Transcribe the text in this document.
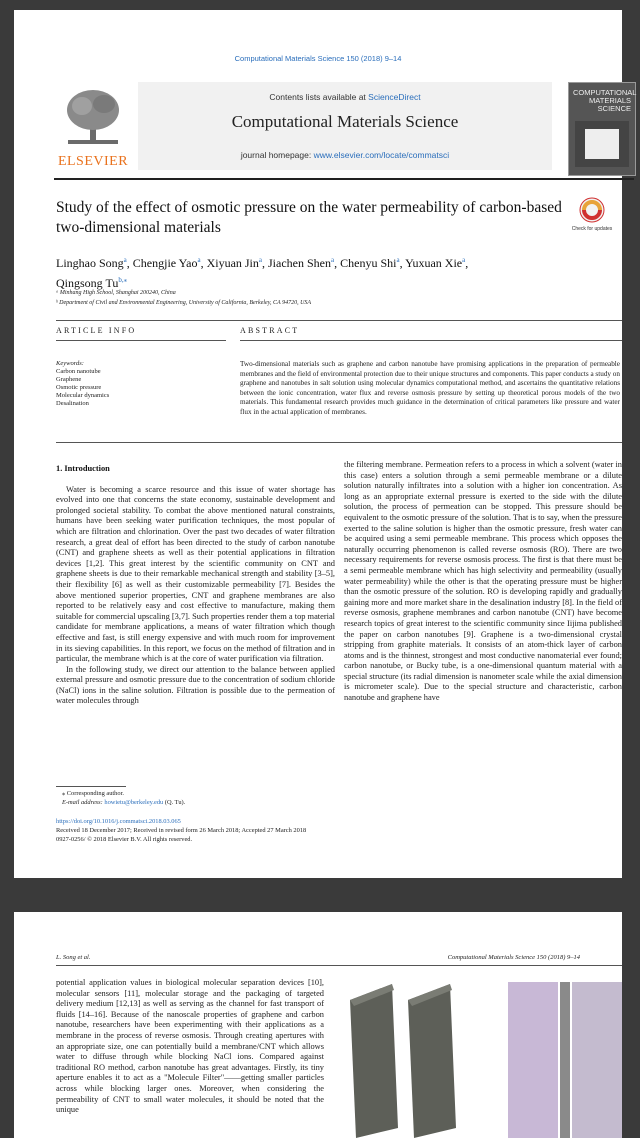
Computational Materials Science 150 (2018) 9–14
ELSEVIER
Contents lists available at ScienceDirect
Computational Materials Science
journal homepage: www.elsevier.com/locate/commatsci
COMPUTATIONAL MATERIALS SCIENCE
Study of the effect of osmotic pressure on the water permeability of carbon-based two-dimensional materials	Check for updates
Linghao Song$^a$, Chengjie Yao$^a$, Xiyuan Jin$^a$, Jiachen Shen$^a$, Chenyu Shi$^a$, Yuxuan Xie$^a$,
Qingsong $Tu^{b,⁎}$
ᵃ Minhang High School, Shanghai 200240, China
ᵇ Department of Civil and Environmental Engineering, University of California, Berkeley, CA 94720, USA
ARTICLE INFO	ABSTRACT
Keywords:
Carbon nanotube
Graphene
Osmotic pressure
Molecular dynamics
Desalination
Two-dimensional materials such as graphene and carbon nanotube have promising applications in the preparation of permeable membranes and the field of environmental protection due to their unique structures and components. This paper conducts a study on graphene and nanotubes in salt solution using molecular dynamics computational method, and ascertains the quantitative relations between the ionic concentration, water flux and reverse osmosis pressure by setting up theoretical porous models of the two materials. This fundamental research provides much guidance in the determination of critical parameters like pressure and water flux in the actual application of membranes.
1. Introduction

Water is becoming a scarce resource and this issue of water shortage has evolved into one that concerns the state economy, sustainable development and prolonged societal stability. To combat the above mentioned natural constraints, humans have been seeking water purification techniques, the most popular of which are filtration and chlorination. Over the past two decades of water filtration research, a great deal of effort has been directed to the study of carbon nanotube (CNT) and graphene sheets as well as their potential applications in filtration devices [1,2]. This great interest by the scientific community on CNT and graphene sheets is due to their remarkable mechanical strength and stability [3–5], their flexibility [6] as well as their customizable permeability [7]. Besides the above mentioned superior properties, CNT and graphene membranes are also reported to be relatively easy and cost effective to manufacture, making them suitable for commercial upscaling [3,7]. Such properties render them a top material candidate for membrane applications, a means of water filtration which though effective and fast, is still energy expensive and with much room for improvement in its sieving capabilities. In this report, we focus on the method of filtration and in particular, the membrane which is at the core of water purification via filtration.

In the following study, we direct our attention to the balance between applied external pressure and osmotic pressure due to the concentration of sodium chloride (NaCl) ions in the saline solution. Filtration is possible due to the permeation of water molecules through

the filtering membrane. Permeation refers to a process in which a solvent (water in this case) enters a solution through a semi permeable membrane or a dilute solution naturally infiltrates into a solution with a higher ion concentration. As long as an appropriate external pressure is exerted to the side with the dilute solution, the process of permeation can be stopped. This pressure should be equivalent to the osmotic pressure of the solution. That is to say, when the pressure exerted to the saline solution is higher than the osmotic pressure, fresh water can be acquired using a semi permeable membrane. This process which opposes the naturally occurring phenomenon is called reverse osmosis (RO). There are two necessary requirements for reverse osmosis process. The first is that there must be a semi permeable membrane which has high selectivity and permeability (usually water permeability) while the other is that the operating pressure must be higher than the osmotic pressure of the solution. RO is developing rapidly and gradually gaining more and more market share in the desalination industry [8]. In the field of reverse osmosis, graphene membranes and carbon nanotube (CNT) have become research topics of great interest to the scientific community since Iijima published the paper on carbon nanotubes [9]. Graphene is a two-dimensional crystal stripping from graphite materials. It consists of an atom-thick layer of carbon atoms and is the thinnest, strongest and most conductive nanomaterial ever found; carbon nanotube, or Bucky tube, is a one-dimensional quantum material with a special structure (its radial dimension is nanometer scale while the axial dimension is micrometer scale). Due to the special structure and characteristic, carbon nanotube and graphene have
⁎ Corresponding author.
E-mail address: howietu@berkeley.edu (Q. Tu).
https://doi.org/10.1016/j.commatsci.2018.03.065
Received 18 December 2017; Received in revised form 26 March 2018; Accepted 27 March 2018
0927-0256/ © 2018 Elsevier B.V. All rights reserved.
L. Song et al.	Computational Materials Science 150 (2018) 9–14
potential application values in biological molecular separation devices [10], molecular sensors [11], molecular storage and the packaging of targeted delivery medium [12,13] as well as serving as the channel for fast transport of fluids [14–16]. Because of the nanoscale properties of graphene and carbon nanotube, researchers have been experimenting with their applications as a membrane in the process of reverse osmosis. Through creating apertures with an appropriate size, one can potentially build a membrane/CNT which allows water to diffuse through while blocking NaCl ions. Compared against traditional RO method, carbon nanotube has great advantages. Firstly, its tiny aperture enables it to act as a "Molecule Filter"——getting smaller particles across while blocking larger ones. Moreover, when considering the permeability of CNT to small water molecules, it should be noted that the unique
